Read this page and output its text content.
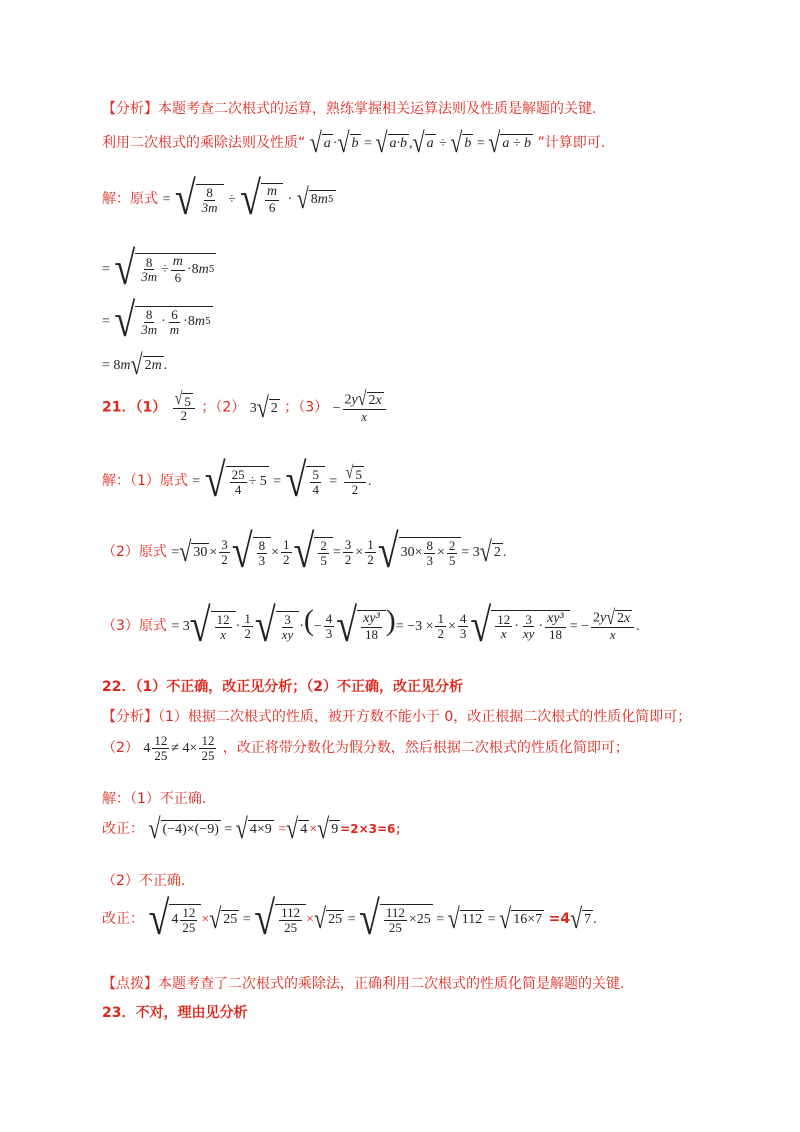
【分析】本题考查二次根式的运算，熟练掌握相关运算法则及性质是解题的关键.
利用二次根式的乘除法则及性质“ √ a · √ b = √ a·b , √ a ÷ √ b = √ a ÷ b ”计算即可.
解：原式 = √ $\frac{8}{3m}$ ÷ √ $\frac{m}{6}$ · √ 8 m 5
= √ $\frac{8}{3m} \div \frac{m}{6} \cdot 8$ m 5
= √ $\frac{8}{3m} \cdot \frac{6}{m} \cdot 8$ m 5
= 8m √ 2 m .
21．$(1) \frac{√ 5}{2}$ ；（2） 3 √ 2 ；$(3) - \frac{2y √ 2 x}{x}$
解：（1）原式 = √ $\frac{25}{4} \div 5$ = √ $\frac{5}{4} = \frac{√ 5}{2}$ .
（2）原式 = √ $30 \times \frac{3}{2}$ √ $\frac{8}{3} \times \frac{1}{2}$ √ $\frac{2}{5} = \frac{3}{2} \times \frac{1}{2}$ √ $30\times \frac{8}{3} \times \frac{2}{5} = 3$ √ 2 .
（3）原式 = 3 √ $\frac{12}{x} \cdot \frac{1}{2}$ √ $\frac{3}{xy}$ ·(− $\frac{4}{3}$ √ $\frac{\text{xy³}}{18}$ )= $-3 \times \frac{1}{2} \times \frac{4}{3}$ √ $\frac{12}{x} \cdot \frac{3}{xy} \cdot \frac{\text{xy³}}{18}$ = − $\frac{2y √ 2 x}{x}$ .
22．（1）不正确，改正见分析；（2）不正确，改正见分析
【分析】（1）根据二次根式的性质，被开方数不能小于 0，改正根据二次根式的性质化简即可；
（2） $4 \frac{12}{25} \ne 4\times \frac{12}{25}$ ，改正将带分数化为假分数，然后根据二次根式的性质化简即可；
解：（1）不正确.
改正： √ (−4)×(−9) = √ 4×9 = √ 4 × √ 9 =2×3=6；
（2）不正确.
改正： √ $4 \frac{12}{25}$ × √ 25 = √ $\frac{112}{25}$ × √ 25 = √ $\frac{112}{25} \times 25$ = √ 112 = √ 16×7 =4 √ 7 .
【点拨】本题考查了二次根式的乘除法，正确利用二次根式的性质化简是解题的关键.
23．不对，理由见分析
